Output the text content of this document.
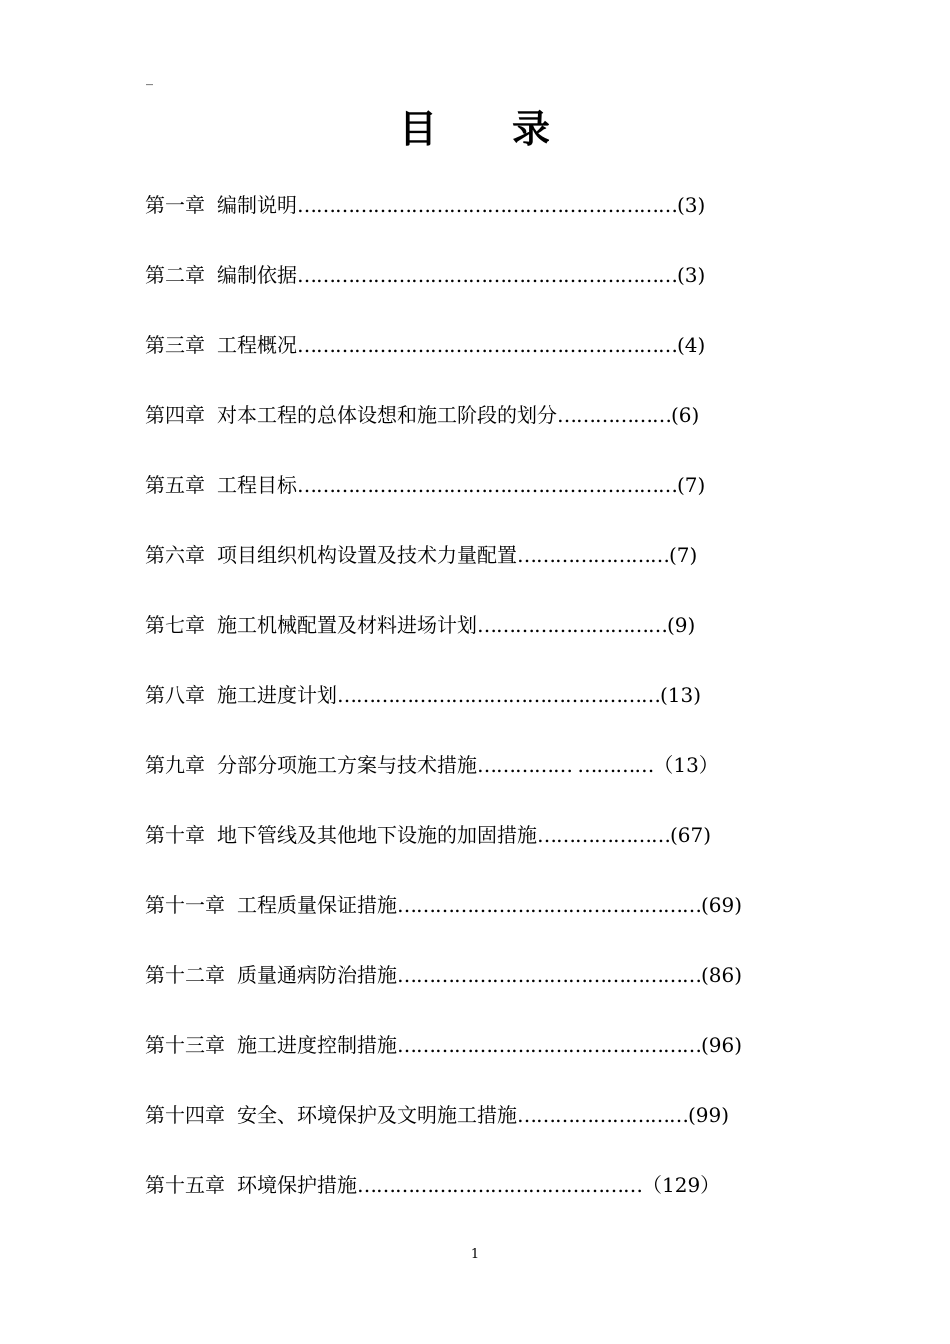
_
目 录
第一章 编制说明……………………………………………………(3)
第二章 编制依据……………………………………………………(3)
第三章 工程概况……………………………………………………(4)
第四章 对本工程的总体设想和施工阶段的划分………………(6)
第五章 工程目标……………………………………………………(7)
第六章 项目组织机构设置及技术力量配置……………………(7)
第七章 施工机械配置及材料进场计划…………………………(9)
第八章 施工进度计划……………………………………………(13)
第九章 分部分项施工方案与技术措施…………… …………（13）
第十章 地下管线及其他地下设施的加固措施…………………(67)
第十一章 工程质量保证措施…………………………………………(69)
第十二章 质量通病防治措施…………………………………………(86)
第十三章 施工进度控制措施…………………………………………(96)
第十四章 安全、环境保护及文明施工措施………………………(99)
第十五章 环境保护措施………………………………………（129）
1
